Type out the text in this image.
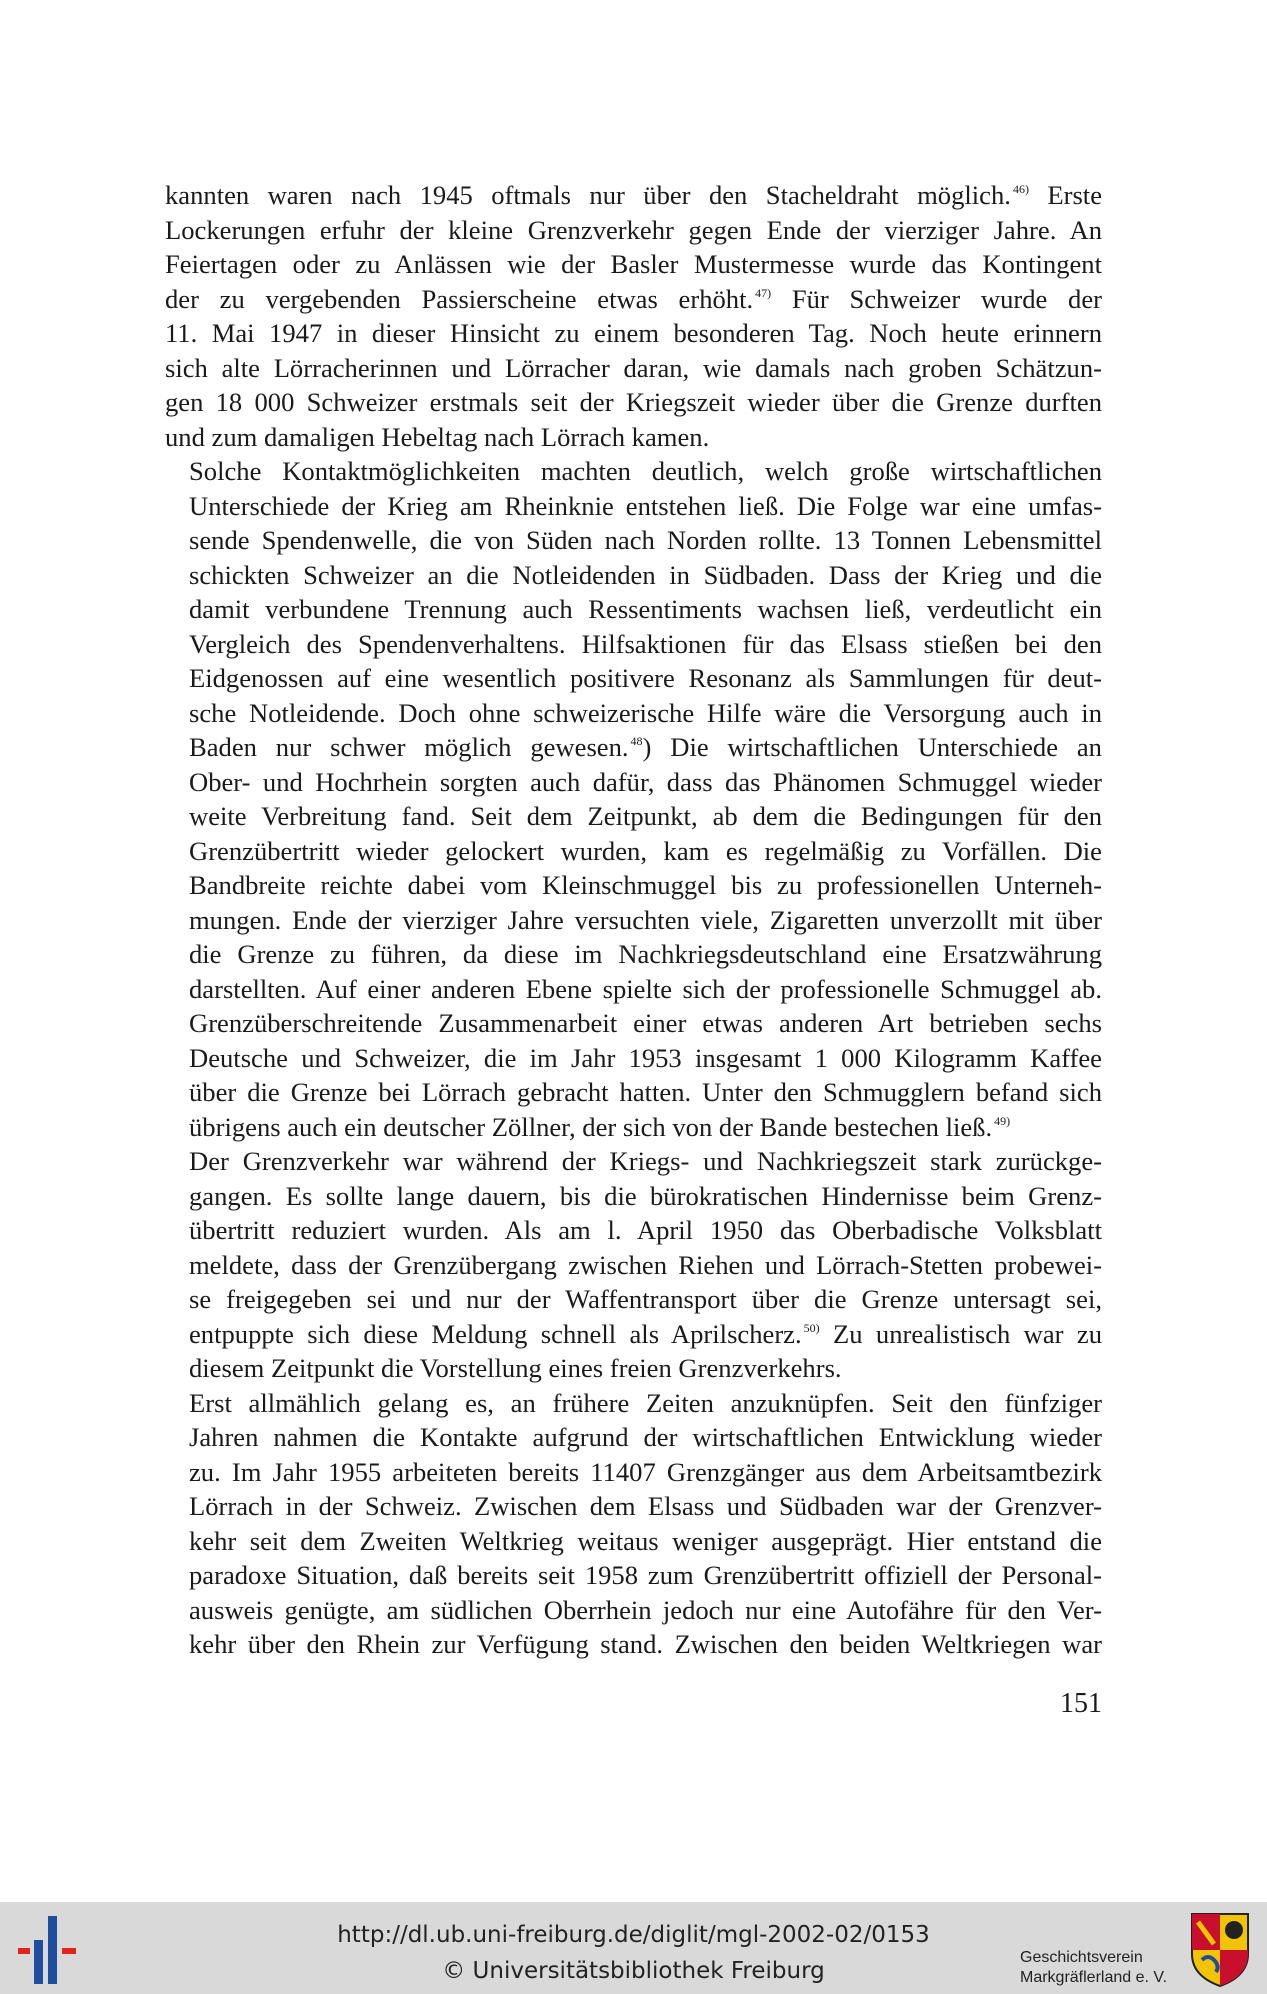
kannten waren nach 1945 oftmals nur über den Stacheldraht möglich. $^{46)}$ Erste
Lockerungen erfuhr der kleine Grenzverkehr gegen Ende der vierziger Jahre. An
Feiertagen oder zu Anlässen wie der Basler Mustermesse wurde das Kontingent
der zu vergebenden Passierscheine etwas erhöht. $^{47)}$ Für Schweizer wurde der
11. Mai 1947 in dieser Hinsicht zu einem besonderen Tag. Noch heute erinnern
sich alte Lörracherinnen und Lörracher daran, wie damals nach groben Schätzun-
gen 18 000 Schweizer erstmals seit der Kriegszeit wieder über die Grenze durften
und zum damaligen Hebeltag nach Lörrach kamen.

Solche Kontaktmöglichkeiten machten deutlich, welch große wirtschaftlichen
Unterschiede der Krieg am Rheinknie entstehen ließ. Die Folge war eine umfas-
sende Spendenwelle, die von Süden nach Norden rollte. 13 Tonnen Lebensmittel
schickten Schweizer an die Notleidenden in Südbaden. Dass der Krieg und die
damit verbundene Trennung auch Ressentiments wachsen ließ, verdeutlicht ein
Vergleich des Spendenverhaltens. Hilfsaktionen für das Elsass stießen bei den
Eidgenossen auf eine wesentlich positivere Resonanz als Sammlungen für deut-
sche Notleidende. Doch ohne schweizerische Hilfe wäre die Versorgung auch in
Baden nur schwer möglich gewesen. $^{48}$) Die wirtschaftlichen Unterschiede an
Ober- und Hochrhein sorgten auch dafür, dass das Phänomen Schmuggel wieder
weite Verbreitung fand. Seit dem Zeitpunkt, ab dem die Bedingungen für den
Grenzübertritt wieder gelockert wurden, kam es regelmäßig zu Vorfällen. Die
Bandbreite reichte dabei vom Kleinschmuggel bis zu professionellen Unterneh-
mungen. Ende der vierziger Jahre versuchten viele, Zigaretten unverzollt mit über
die Grenze zu führen, da diese im Nachkriegsdeutschland eine Ersatzwährung
darstellten. Auf einer anderen Ebene spielte sich der professionelle Schmuggel ab.
Grenzüberschreitende Zusammenarbeit einer etwas anderen Art betrieben sechs
Deutsche und Schweizer, die im Jahr 1953 insgesamt 1 000 Kilogramm Kaffee
über die Grenze bei Lörrach gebracht hatten. Unter den Schmugglern befand sich
übrigens auch ein deutscher Zöllner, der sich von der Bande bestechen ließ. $^{49)}$

Der Grenzverkehr war während der Kriegs- und Nachkriegszeit stark zurückge-
gangen. Es sollte lange dauern, bis die bürokratischen Hindernisse beim Grenz-
übertritt reduziert wurden. Als am l. April 1950 das Oberbadische Volksblatt
meldete, dass der Grenzübergang zwischen Riehen und Lörrach-Stetten probewei-
se freigegeben sei und nur der Waffentransport über die Grenze untersagt sei,
entpuppte sich diese Meldung schnell als Aprilscherz. $^{50)}$ Zu unrealistisch war zu
diesem Zeitpunkt die Vorstellung eines freien Grenzverkehrs.

Erst allmählich gelang es, an frühere Zeiten anzuknüpfen. Seit den fünfziger
Jahren nahmen die Kontakte aufgrund der wirtschaftlichen Entwicklung wieder
zu. Im Jahr 1955 arbeiteten bereits 11407 Grenzgänger aus dem Arbeitsamtbezirk
Lörrach in der Schweiz. Zwischen dem Elsass und Südbaden war der Grenzver-
kehr seit dem Zweiten Weltkrieg weitaus weniger ausgeprägt. Hier entstand die
paradoxe Situation, daß bereits seit 1958 zum Grenzübertritt offiziell der Personal-
ausweis genügte, am südlichen Oberrhein jedoch nur eine Autofähre für den Ver-
kehr über den Rhein zur Verfügung stand. Zwischen den beiden Weltkriegen war

151
http://dl.ub.uni-freiburg.de/diglit/mgl-2002-02/0153
© Universitätsbibliothek Freiburg
Geschichtsverein
Markgräflerland e. V.
